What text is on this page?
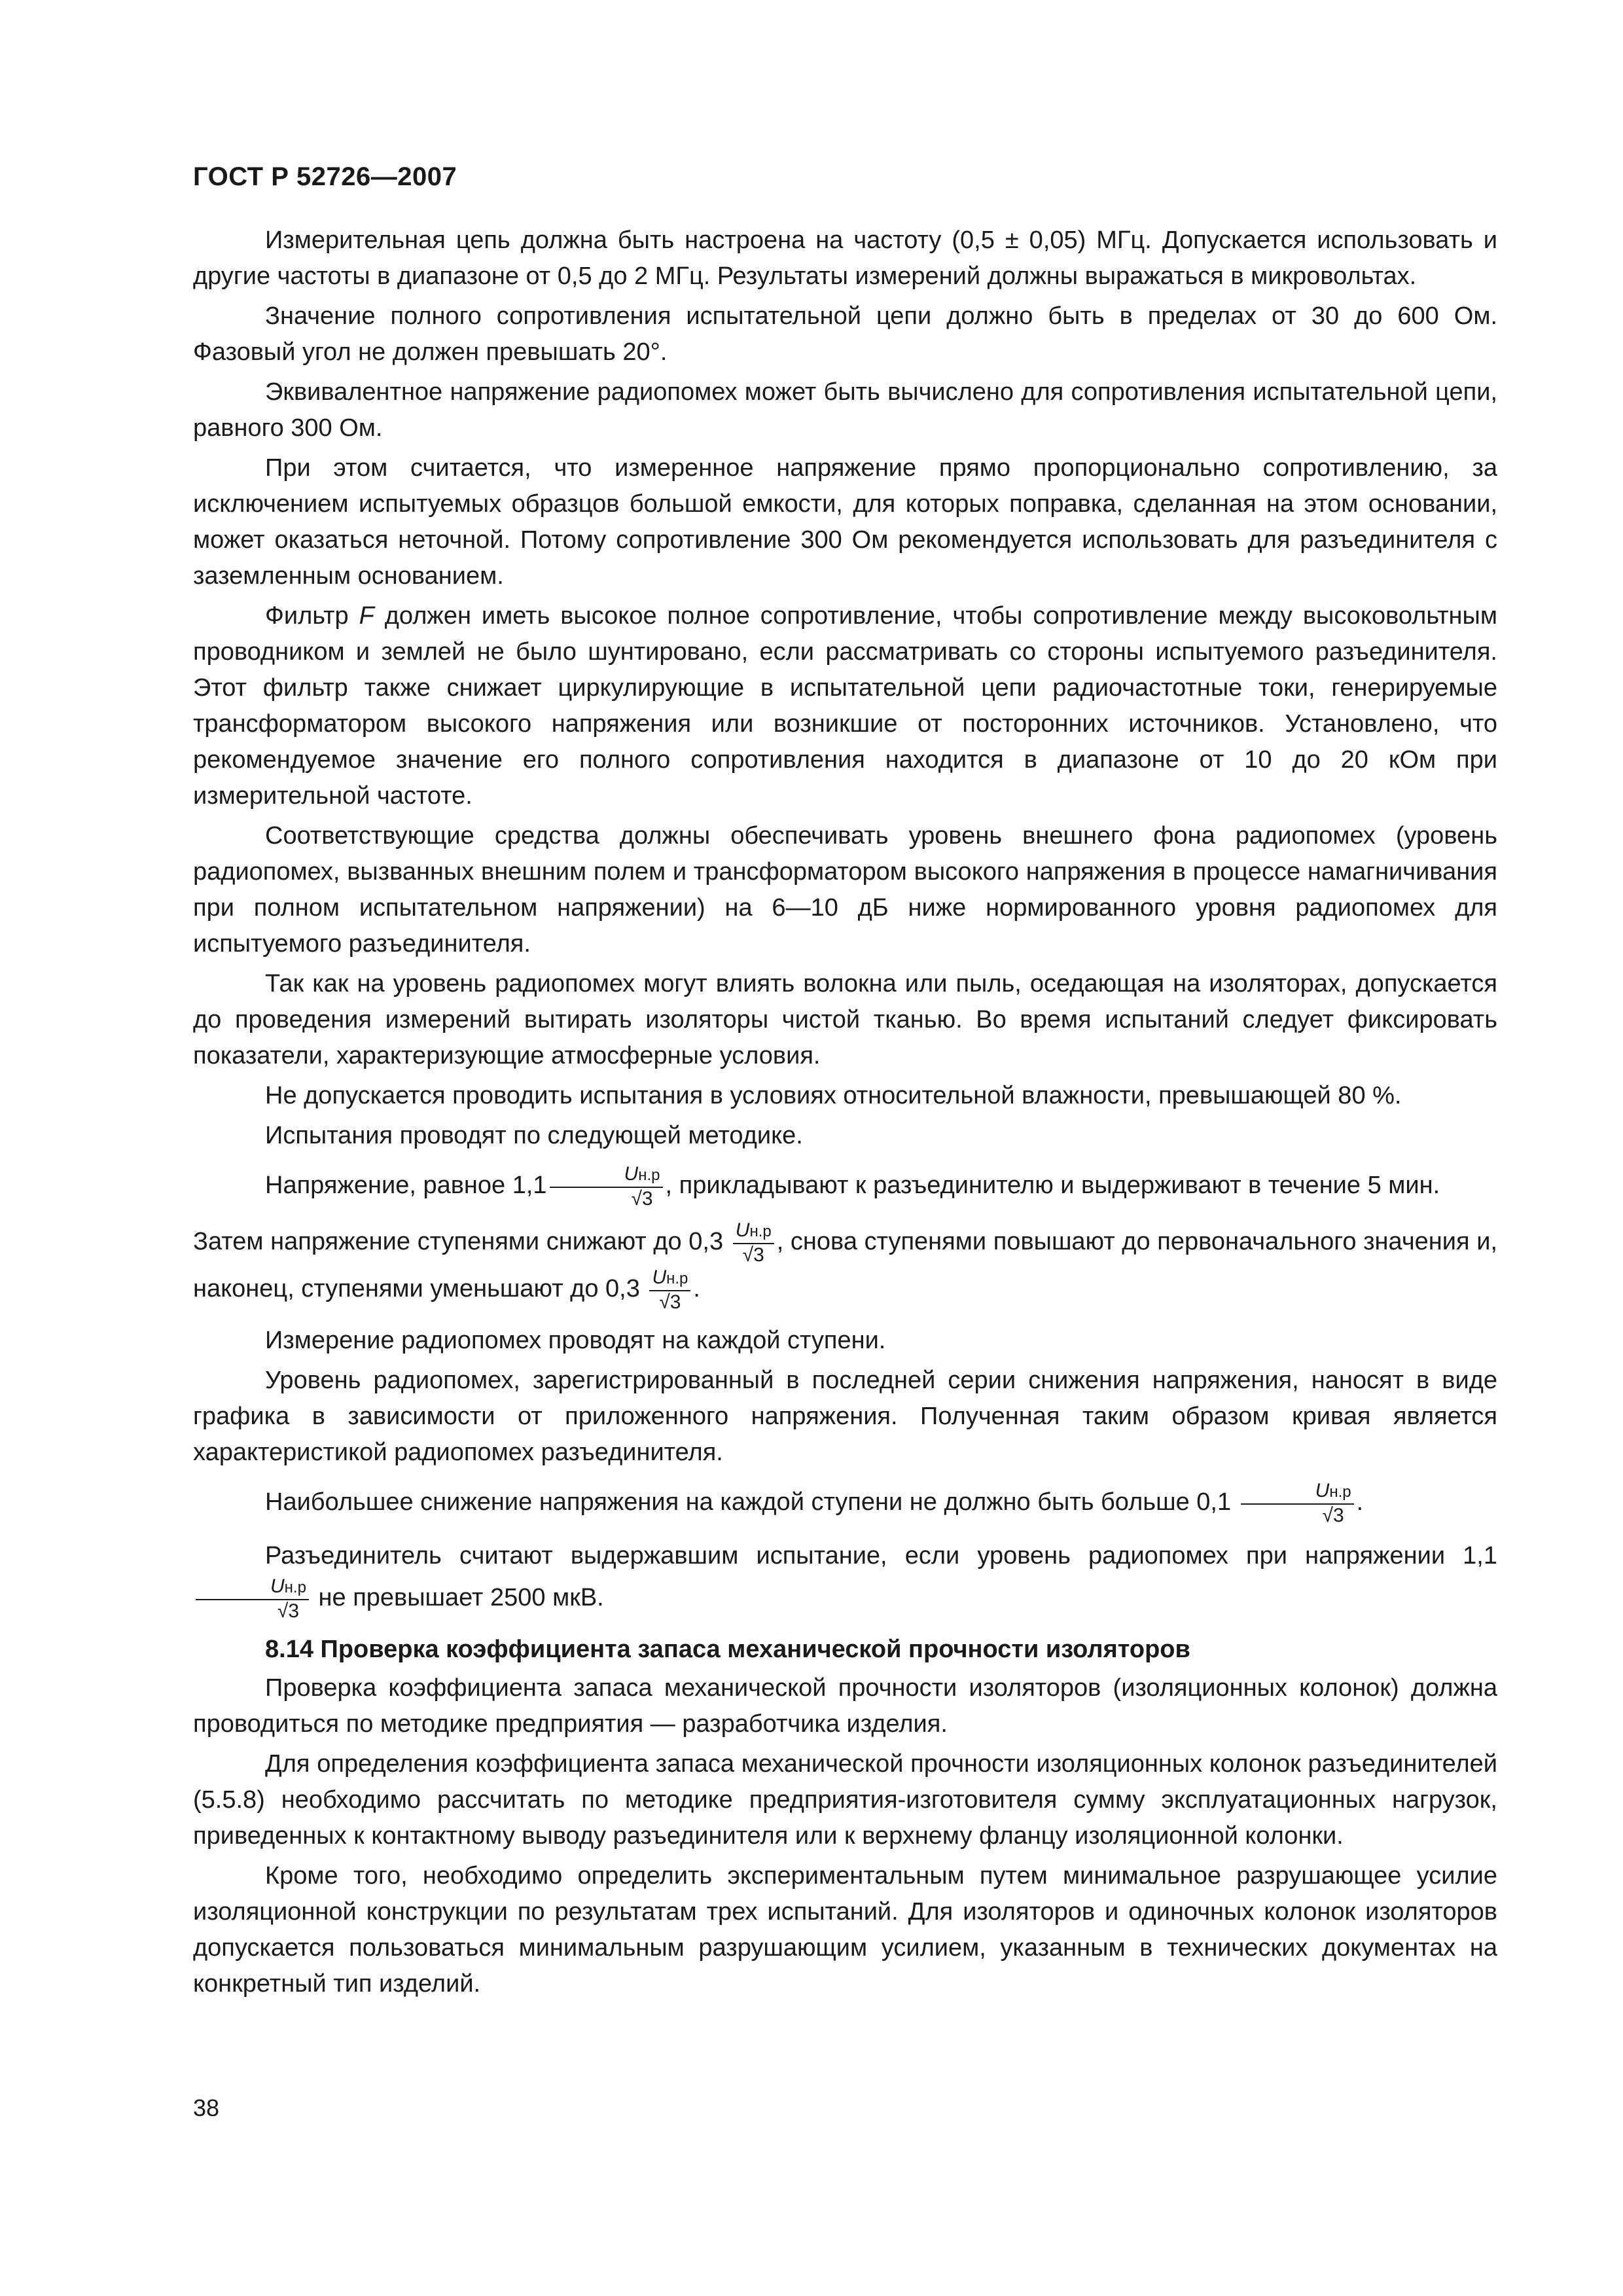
ГОСТ Р 52726—2007

Измерительная цепь должна быть настроена на частоту (0,5 ± 0,05) МГц. Допускается использовать и другие частоты в диапазоне от 0,5 до 2 МГц. Результаты измерений должны выражаться в микровольтах.

Значение полного сопротивления испытательной цепи должно быть в пределах от 30 до 600 Ом. Фазовый угол не должен превышать 20°.

Эквивалентное напряжение радиопомех может быть вычислено для сопротивления испытательной цепи, равного 300 Ом.

При этом считается, что измеренное напряжение прямо пропорционально сопротивлению, за исключением испытуемых образцов большой емкости, для которых поправка, сделанная на этом основании, может оказаться неточной. Потому сопротивление 300 Ом рекомендуется использовать для разъединителя с заземленным основанием.

Фильтр F должен иметь высокое полное сопротивление, чтобы сопротивление между высоковольтным проводником и землей не было шунтировано, если рассматривать со стороны испытуемого разъединителя. Этот фильтр также снижает циркулирующие в испытательной цепи радиочастотные токи, генерируемые трансформатором высокого напряжения или возникшие от посторонних источников. Установлено, что рекомендуемое значение его полного сопротивления находится в диапазоне от 10 до 20 кОм при измерительной частоте.

Соответствующие средства должны обеспечивать уровень внешнего фона радиопомех (уровень радиопомех, вызванных внешним полем и трансформатором высокого напряжения в процессе намагничивания при полном испытательном напряжении) на 6—10 дБ ниже нормированного уровня радиопомех для испытуемого разъединителя.

Так как на уровень радиопомех могут влиять волокна или пыль, оседающая на изоляторах, допускается до проведения измерений вытирать изоляторы чистой тканью. Во время испытаний следует фиксировать показатели, характеризующие атмосферные условия.

Не допускается проводить испытания в условиях относительной влажности, превышающей 80 %.

Испытания проводят по следующей методике.

Напряжение, равное $1,1 \frac{Uн.р}{√3}$ , прикладывают к разъединителю и выдерживают в течение 5 мин.

Затем напряжение ступенями снижают до $0,3 \frac{Uн.р}{√3}$ , снова ступенями повышают до первоначального значения и, наконец, ступенями уменьшают до $0,3 \frac{Uн.р}{√3}$ .

Измерение радиопомех проводят на каждой ступени.

Уровень радиопомех, зарегистрированный в последней серии снижения напряжения, наносят в виде графика в зависимости от приложенного напряжения. Полученная таким образом кривая является характеристикой радиопомех разъединителя.

Наибольшее снижение напряжения на каждой ступени не должно быть больше $0,1 \frac{Uн.р}{√3}$ .

Разъединитель считают выдержавшим испытание, если уровень радиопомех при напряжении 1,1
$\frac{Uн.р}{√3}$ не превышает 2500 мкВ.

8.14 Проверка коэффициента запаса механической прочности изоляторов

Проверка коэффициента запаса механической прочности изоляторов (изоляционных колонок) должна проводиться по методике предприятия — разработчика изделия.

Для определения коэффициента запаса механической прочности изоляционных колонок разъединителей (5.5.8) необходимо рассчитать по методике предприятия-изготовителя сумму эксплуатационных нагрузок, приведенных к контактному выводу разъединителя или к верхнему фланцу изоляционной колонки.

Кроме того, необходимо определить экспериментальным путем минимальное разрушающее усилие изоляционной конструкции по результатам трех испытаний. Для изоляторов и одиночных колонок изоляторов допускается пользоваться минимальным разрушающим усилием, указанным в технических документах на конкретный тип изделий.

38
